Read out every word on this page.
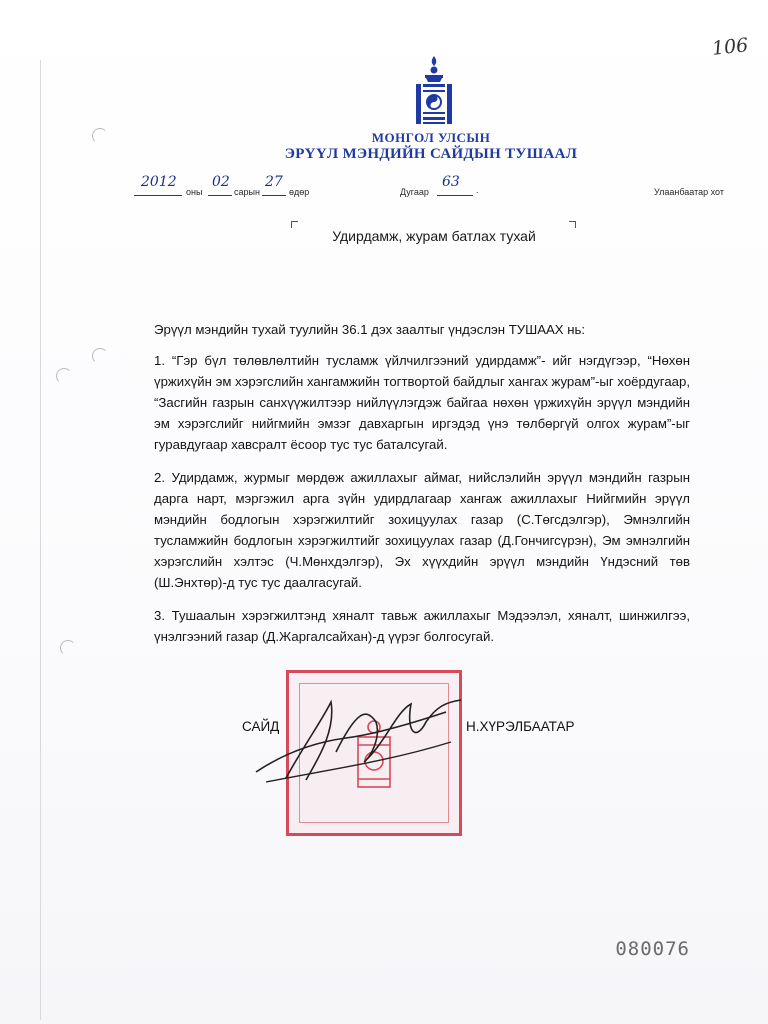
106
МОНГОЛ УЛСЫН
ЭРҮҮЛ МЭНДИЙН САЙДЫН ТУШААЛ
2012
оны
02
сарын
27
өдөр	Дугаар
63 .	Улаанбаатар хот
Удирдамж, журам батлах тухай

Эрүүл мэндийн тухай туулийн 36.1 дэх заалтыг үндэслэн ТУШААХ нь:

1. “Гэр бүл төлөвлөлтийн тусламж үйлчилгээний удирдамж”- ийг нэгдүгээр, “Нөхөн үржихүйн эм хэрэгслийн хангамжийн тогтвортой байдлыг хангах журам”-ыг хоёрдугаар, “Засгийн газрын санхүүжилтээр нийлүүлэгдэж байгаа нөхөн үржихүйн эрүүл мэндийн эм хэрэгслийг нийгмийн эмзэг давхаргын иргэдэд үнэ төлбөргүй олгох журам”-ыг гуравдугаар хавсралт ёсоор тус тус баталсугай.

2. Удирдамж, журмыг мөрдөж ажиллахыг аймаг, нийслэлийн эрүүл мэндийн газрын дарга нарт, мэргэжил арга зүйн удирдлагаар хангаж ажиллахыг Нийгмийн эрүүл мэндийн бодлогын хэрэгжилтийг зохицуулах газар (С.Төгсдэлгэр), Эмнэлгийн тусламжийн бодлогын хэрэгжилтийг зохицуулах газар (Д.Гончигсүрэн), Эм эмнэлгийн хэрэгслийн хэлтэс (Ч.Мөнхдэлгэр), Эх хүүхдийн эрүүл мэндийн Үндэсний төв (Ш.Энхтөр)-д тус тус даалгасугай.

3. Тушаалын хэрэгжилтэнд хяналт тавьж ажиллахыг Мэдээлэл, хяналт, шинжилгээ, үнэлгээний газар (Д.Жаргалсайхан)-д үүрэг болгосугай.

САЙД	Н.ХҮРЭЛБААТАР
080076
